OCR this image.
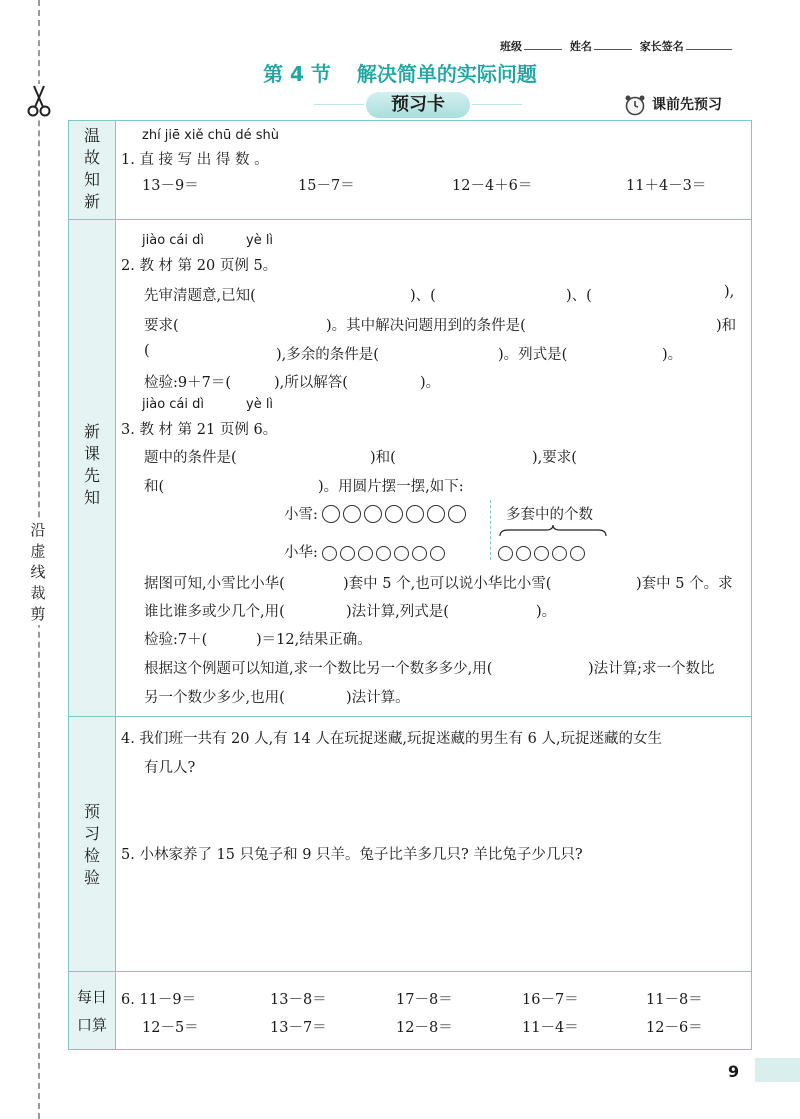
沿
虚
线
裁
剪
班级	姓名	家长签名
第 4 节 解决简单的实际问题
预习卡	课前先预习
温
故
知
新
新
课
先
知
预
习
检
验
每日
口算
zhí jiē xiě chū dé shù
1. 直 接 写 出 得 数 。
13－9＝	15－7＝	12－4＋6＝	11＋4－3＝
jiào cái dì	yè lì
2. 教 材 第 20 页例 5。
先审清题意,已知(	)、(	)、(	),
要求(	)。其中解决问题用到的条件是(	)和
(	),多余的条件是(	)。列式是(	)。
检验:9＋7＝(	),所以解答(	)。
jiào cái dì	yè lì
3. 教 材 第 21 页例 6。
题中的条件是(	)和(	),要求(
和(	)。用圆片摆一摆,如下:
小雪:	多套中的个数
小华:
据图可知,小雪比小华(	)套中 5 个,也可以说小华比小雪(	)套中 5 个。求
谁比谁多或少几个,用(	)法计算,列式是(	)。
检验:7＋(	)＝12,结果正确。
根据这个例题可以知道,求一个数比另一个数多多少,用(	)法计算;求一个数比
另一个数少多少,也用(	)法计算。
4. 我们班一共有 20 人,有 14 人在玩捉迷藏,玩捉迷藏的男生有 6 人,玩捉迷藏的女生
有几人?
5. 小林家养了 15 只兔子和 9 只羊。兔子比羊多几只? 羊比兔子少几只?
6. 11－9＝	13－8＝	17－8＝	16－7＝	11－8＝
12－5＝	13－7＝	12－8＝	11－4＝	12－6＝
9
